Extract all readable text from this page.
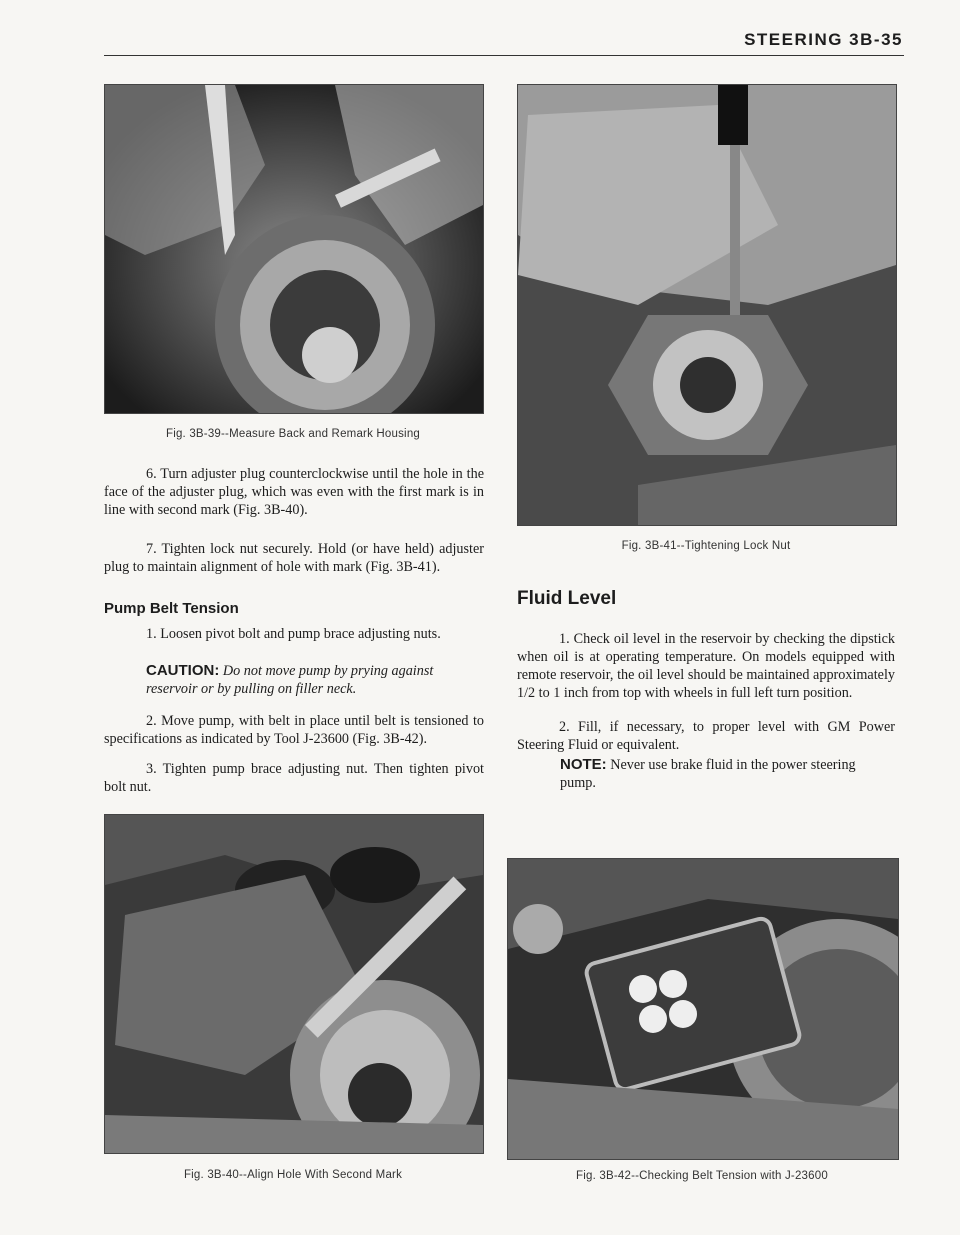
STEERING 3B-35
Fig. 3B-39--Measure Back and Remark Housing
6. Turn adjuster plug counterclockwise until the hole in the face of the adjuster plug, which was even with the first mark is in line with second mark (Fig. 3B-40).
7. Tighten lock nut securely. Hold (or have held) adjuster plug to maintain alignment of hole with mark (Fig. 3B-41).
Pump Belt Tension
1. Loosen pivot bolt and pump brace adjusting nuts.
CAUTION: Do not move pump by prying against reservoir or by pulling on filler neck.
2. Move pump, with belt in place until belt is tensioned to specifications as indicated by Tool J-23600 (Fig. 3B-42).
3. Tighten pump brace adjusting nut. Then tighten pivot bolt nut.
Fig. 3B-40--Align Hole With Second Mark
Fig. 3B-41--Tightening Lock Nut
Fluid Level
1. Check oil level in the reservoir by checking the dipstick when oil is at operating temperature. On models equipped with remote reservoir, the oil level should be maintained approximately 1/2 to 1 inch from top with wheels in full left turn position.
2. Fill, if necessary, to proper level with GM Power Steering Fluid or equivalent.
NOTE: Never use brake fluid in the power steering pump.
Fig. 3B-42--Checking Belt Tension with J-23600
